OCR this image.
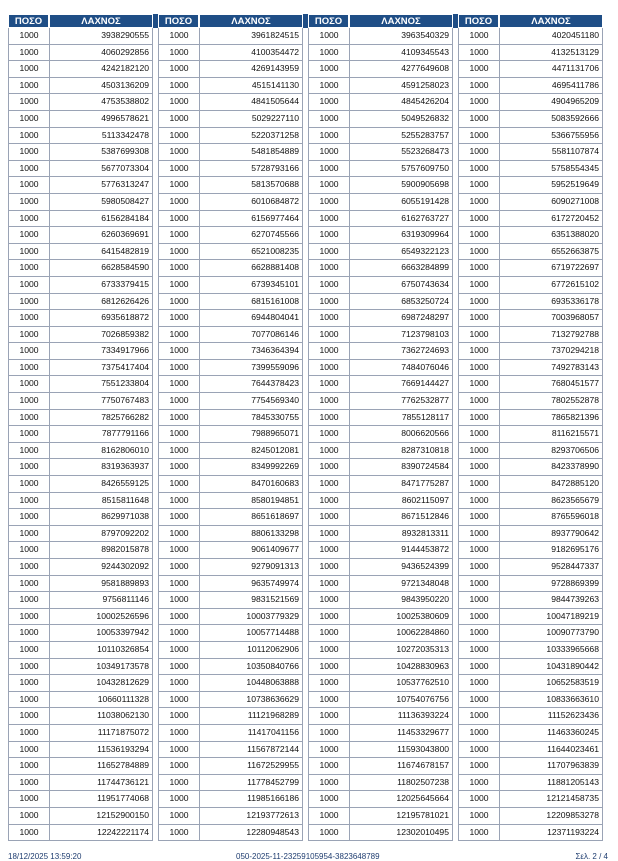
ΠΟΣΟ	ΛΑΧΝΟΣ	ΠΟΣΟ	ΛΑΧΝΟΣ	ΠΟΣΟ	ΛΑΧΝΟΣ	ΠΟΣΟ	ΛΑΧΝΟΣ
1000	3938290555	1000	3961824515	1000	3963540329	1000	4020451180
1000	4060292856	1000	4100354472	1000	4109345543	1000	4132513129
1000	4242182120	1000	4269143959	1000	4277649608	1000	4471131706
1000	4503136209	1000	4515141130	1000	4591258023	1000	4695411786
1000	4753538802	1000	4841505644	1000	4845426204	1000	4904965209
1000	4996578621	1000	5029227110	1000	5049526832	1000	5083592666
1000	5113342478	1000	5220371258	1000	5255283757	1000	5366755956
1000	5387699308	1000	5481854889	1000	5523268473	1000	5581107874
1000	5677073304	1000	5728793166	1000	5757609750	1000	5758554345
1000	5776313247	1000	5813570688	1000	5900905698	1000	5952519649
1000	5980508427	1000	6010684872	1000	6055191428	1000	6090271008
1000	6156284184	1000	6156977464	1000	6162763727	1000	6172720452
1000	6260369691	1000	6270745566	1000	6319309964	1000	6351388020
1000	6415482819	1000	6521008235	1000	6549322123	1000	6552663875
1000	6628584590	1000	6628881408	1000	6663284899	1000	6719722697
1000	6733379415	1000	6739345101	1000	6750743634	1000	6772615102
1000	6812626426	1000	6815161008	1000	6853250724	1000	6935336178
1000	6935618872	1000	6944804041	1000	6987248297	1000	7003968057
1000	7026859382	1000	7077086146	1000	7123798103	1000	7132792788
1000	7334917966	1000	7346364394	1000	7362724693	1000	7370294218
1000	7375417404	1000	7399559096	1000	7484076046	1000	7492783143
1000	7551233804	1000	7644378423	1000	7669144427	1000	7680451577
1000	7750767483	1000	7754569340	1000	7762532877	1000	7802552878
1000	7825766282	1000	7845330755	1000	7855128117	1000	7865821396
1000	7877791166	1000	7988965071	1000	8006620566	1000	8116215571
1000	8162806010	1000	8245012081	1000	8287310818	1000	8293706506
1000	8319363937	1000	8349992269	1000	8390724584	1000	8423378990
1000	8426559125	1000	8470160683	1000	8471775287	1000	8472885120
1000	8515811648	1000	8580194851	1000	8602115097	1000	8623565679
1000	8629971038	1000	8651618697	1000	8671512846	1000	8765596018
1000	8797092202	1000	8806133298	1000	8932813311	1000	8937790642
1000	8982015878	1000	9061409677	1000	9144453872	1000	9182695176
1000	9244302092	1000	9279091313	1000	9436524399	1000	9528447337
1000	9581889893	1000	9635749974	1000	9721348048	1000	9728869399
1000	9756811146	1000	9831521569	1000	9843950220	1000	9844739263
1000	10002526596	1000	10003779329	1000	10025380609	1000	10047189219
1000	10053397942	1000	10057714488	1000	10062284860	1000	10090773790
1000	10110326854	1000	10112062906	1000	10272035313	1000	10333965668
1000	10349173578	1000	10350840766	1000	10428830963	1000	10431890442
1000	10432812629	1000	10448063888	1000	10537762510	1000	10652583519
1000	10660111328	1000	10738636629	1000	10754076756	1000	10833663610
1000	11038062130	1000	11121968289	1000	11136393224	1000	11152623436
1000	11171875072	1000	11417041156	1000	11453329677	1000	11463360245
1000	11536193294	1000	11567872144	1000	11593043800	1000	11644023461
1000	11652784889	1000	11672529955	1000	11674678157	1000	11707963839
1000	11744736121	1000	11778452799	1000	11802507238	1000	11881205143
1000	11951774068	1000	11985166186	1000	12025645664	1000	12121458735
1000	12152900150	1000	12193772613	1000	12195781021	1000	12209853278
1000	12242221174	1000	12280948543	1000	12302010495	1000	12371193224
18/12/2025 13:59:20	050-2025-11-23259105954-3823648789	Σελ. 2 / 4
